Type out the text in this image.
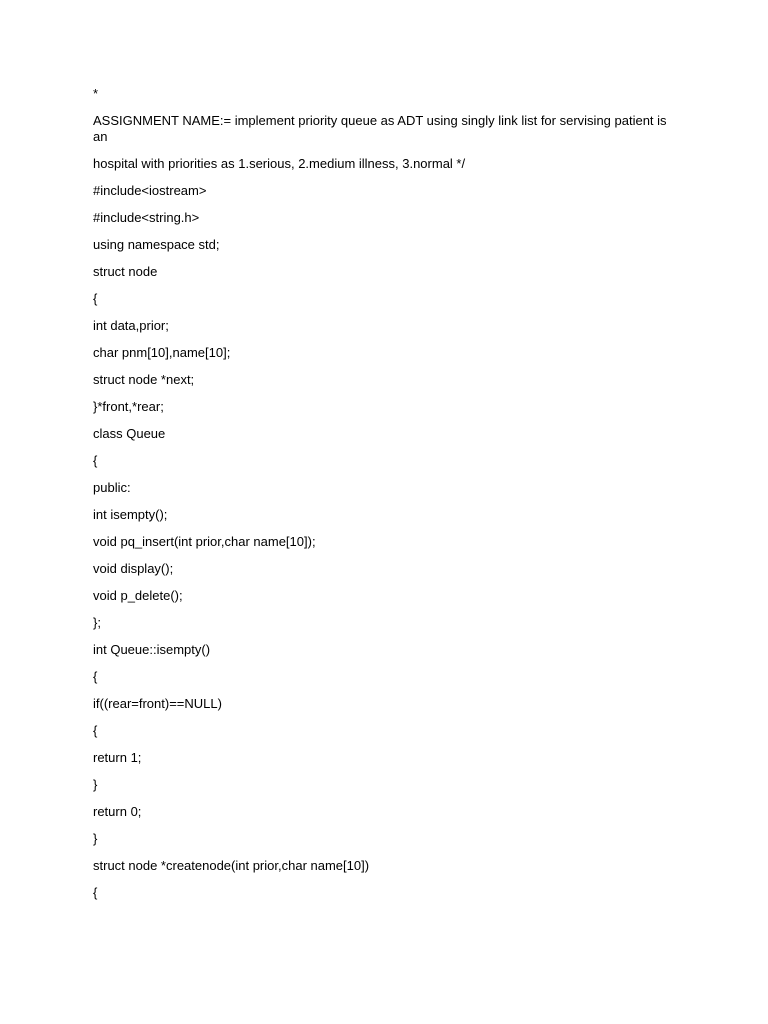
*
ASSIGNMENT NAME:= implement priority queue as ADT using singly link list for servising patient is
an
hospital with priorities as 1.serious, 2.medium illness, 3.normal */
#include<iostream>
#include<string.h>
using namespace std;
struct node
{
int data,prior;
char pnm[10],name[10];
struct node *next;
}*front,*rear;
class Queue
{
public:
int isempty();
void pq_insert(int prior,char name[10]);
void display();
void p_delete();
};
int Queue::isempty()
{
if((rear=front)==NULL)
{
return 1;
}
return 0;
}
struct node *createnode(int prior,char name[10])
{
